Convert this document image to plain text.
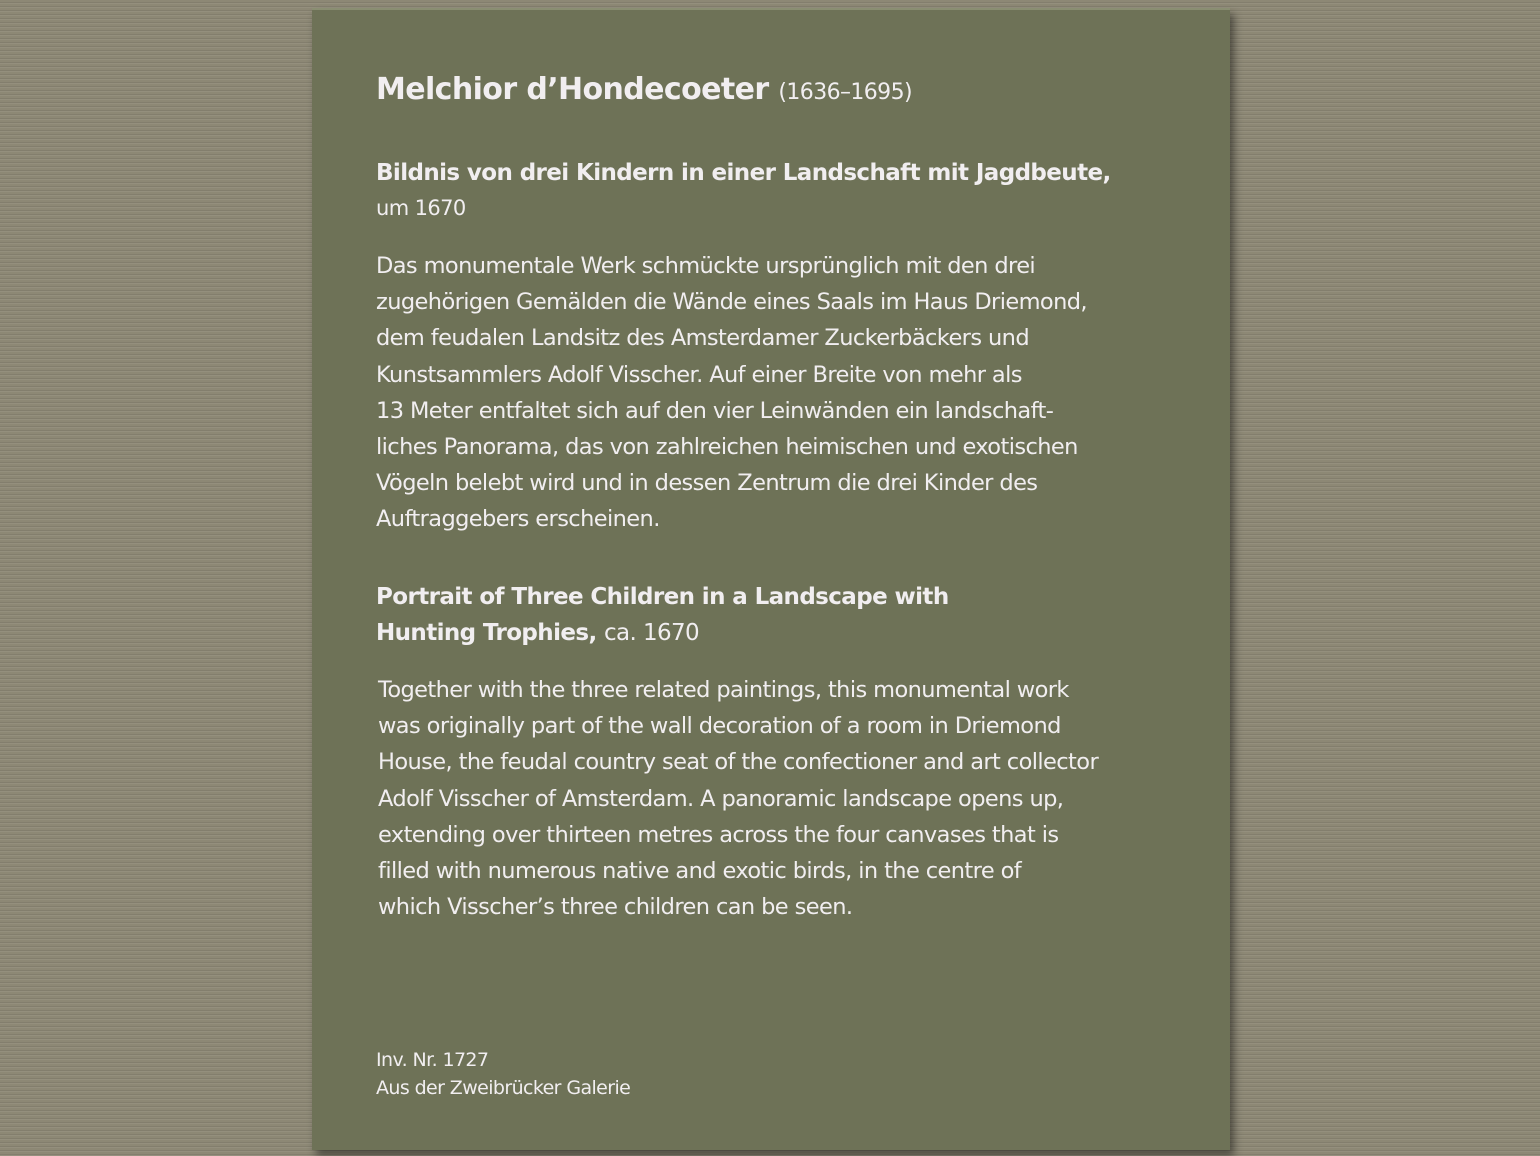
Melchior d’Hondecoeter (1636–1695)
Bildnis von drei Kindern in einer Landschaft mit Jagdbeute,
um 1670
Das monumentale Werk schmückte ursprünglich mit den drei
zugehörigen Gemälden die Wände eines Saals im Haus Driemond,
dem feudalen Landsitz des Amsterdamer Zuckerbäckers und
Kunstsammlers Adolf Visscher. Auf einer Breite von mehr als
13 Meter entfaltet sich auf den vier Leinwänden ein landschaft-
liches Panorama, das von zahlreichen heimischen und exotischen
Vögeln belebt wird und in dessen Zentrum die drei Kinder des
Auftraggebers erscheinen.
Portrait of Three Children in a Landscape with
Hunting Trophies, ca. 1670
Together with the three related paintings, this monumental work
was originally part of the wall decoration of a room in Driemond
House, the feudal country seat of the confectioner and art collector
Adolf Visscher of Amsterdam. A panoramic landscape opens up,
extending over thirteen metres across the four canvases that is
filled with numerous native and exotic birds, in the centre of
which Visscher’s three children can be seen.
Inv. Nr. 1727
Aus der Zweibrücker Galerie
